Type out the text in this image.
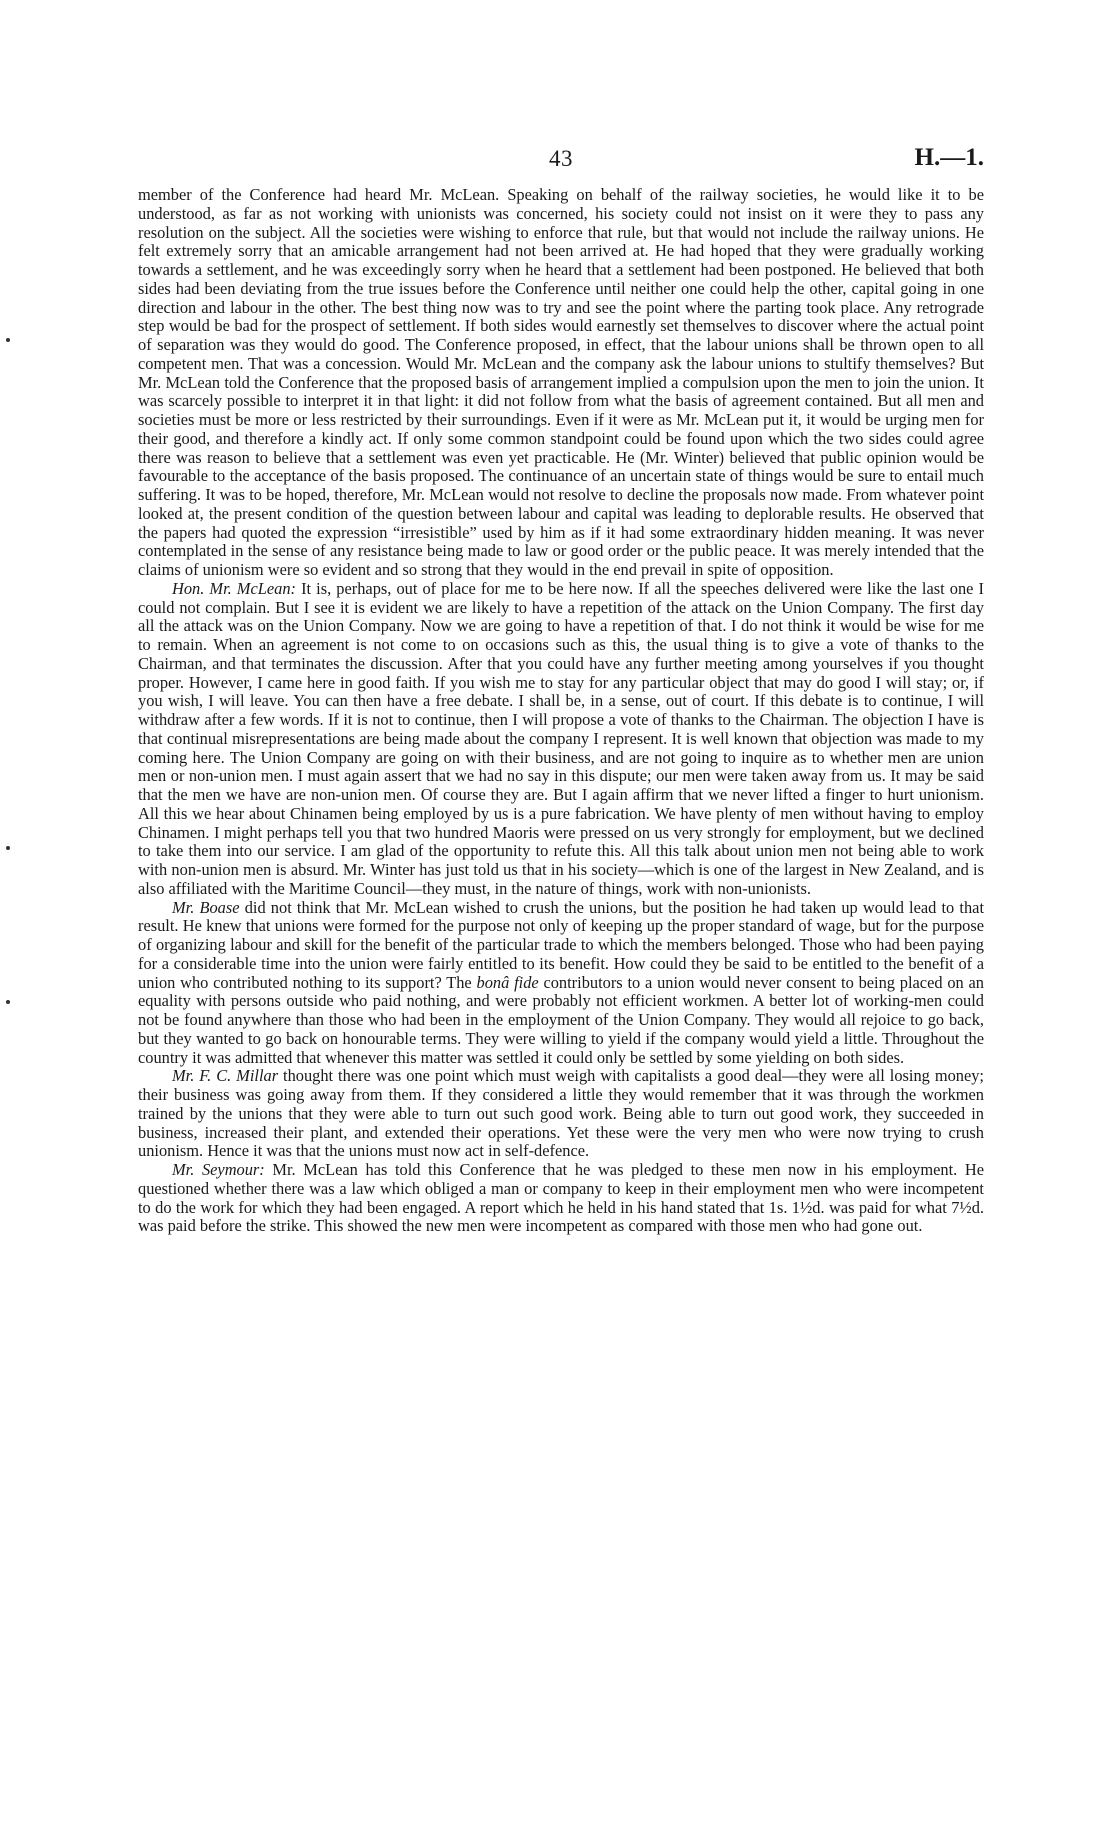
43	H.—1.

member of the Conference had heard Mr. McLean. Speaking on behalf of the railway societies, he would like it to be understood, as far as not working with unionists was concerned, his society could not insist on it were they to pass any resolution on the subject. All the societies were wishing to enforce that rule, but that would not include the railway unions. He felt extremely sorry that an amicable arrangement had not been arrived at. He had hoped that they were gradually working towards a settlement, and he was exceedingly sorry when he heard that a settlement had been postponed. He believed that both sides had been deviating from the true issues before the Conference until neither one could help the other, capital going in one direction and labour in the other. The best thing now was to try and see the point where the parting took place. Any retrograde step would be bad for the prospect of settlement. If both sides would earnestly set themselves to discover where the actual point of separation was they would do good. The Conference proposed, in effect, that the labour unions shall be thrown open to all competent men. That was a concession. Would Mr. McLean and the company ask the labour unions to stultify themselves? But Mr. McLean told the Conference that the proposed basis of arrangement implied a compulsion upon the men to join the union. It was scarcely possible to interpret it in that light: it did not follow from what the basis of agreement contained. But all men and societies must be more or less restricted by their surroundings. Even if it were as Mr. McLean put it, it would be urging men for their good, and therefore a kindly act. If only some common standpoint could be found upon which the two sides could agree there was reason to believe that a settlement was even yet practicable. He (Mr. Winter) believed that public opinion would be favourable to the acceptance of the basis proposed. The continuance of an uncertain state of things would be sure to entail much suffering. It was to be hoped, therefore, Mr. McLean would not resolve to decline the proposals now made. From whatever point looked at, the present condition of the question between labour and capital was leading to deplorable results. He observed that the papers had quoted the expression “irresistible” used by him as if it had some extraordinary hidden meaning. It was never contemplated in the sense of any resistance being made to law or good order or the public peace. It was merely intended that the claims of unionism were so evident and so strong that they would in the end prevail in spite of opposition.

Hon. Mr. McLean: It is, perhaps, out of place for me to be here now. If all the speeches delivered were like the last one I could not complain. But I see it is evident we are likely to have a repetition of the attack on the Union Company. The first day all the attack was on the Union Company. Now we are going to have a repetition of that. I do not think it would be wise for me to remain. When an agreement is not come to on occasions such as this, the usual thing is to give a vote of thanks to the Chairman, and that terminates the discussion. After that you could have any further meeting among yourselves if you thought proper. However, I came here in good faith. If you wish me to stay for any particular object that may do good I will stay; or, if you wish, I will leave. You can then have a free debate. I shall be, in a sense, out of court. If this debate is to continue, I will withdraw after a few words. If it is not to continue, then I will propose a vote of thanks to the Chairman. The objection I have is that continual misrepresentations are being made about the company I represent. It is well known that objection was made to my coming here. The Union Company are going on with their business, and are not going to inquire as to whether men are union men or non-union men. I must again assert that we had no say in this dispute; our men were taken away from us. It may be said that the men we have are non-union men. Of course they are. But I again affirm that we never lifted a finger to hurt unionism. All this we hear about Chinamen being employed by us is a pure fabrication. We have plenty of men without having to employ Chinamen. I might perhaps tell you that two hundred Maoris were pressed on us very strongly for employment, but we declined to take them into our service. I am glad of the opportunity to refute this. All this talk about union men not being able to work with non-union men is absurd. Mr. Winter has just told us that in his society—which is one of the largest in New Zealand, and is also affiliated with the Maritime Council—they must, in the nature of things, work with non-unionists.

Mr. Boase did not think that Mr. McLean wished to crush the unions, but the position he had taken up would lead to that result. He knew that unions were formed for the purpose not only of keeping up the proper standard of wage, but for the purpose of organizing labour and skill for the benefit of the particular trade to which the members belonged. Those who had been paying for a considerable time into the union were fairly entitled to its benefit. How could they be said to be entitled to the benefit of a union who contributed nothing to its support? The bonâ fide contributors to a union would never consent to being placed on an equality with persons outside who paid nothing, and were probably not efficient workmen. A better lot of working-men could not be found anywhere than those who had been in the employment of the Union Company. They would all rejoice to go back, but they wanted to go back on honourable terms. They were willing to yield if the company would yield a little. Throughout the country it was admitted that whenever this matter was settled it could only be settled by some yielding on both sides.

Mr. F. C. Millar thought there was one point which must weigh with capitalists a good deal—they were all losing money; their business was going away from them. If they considered a little they would remember that it was through the workmen trained by the unions that they were able to turn out such good work. Being able to turn out good work, they succeeded in business, increased their plant, and extended their operations. Yet these were the very men who were now trying to crush unionism. Hence it was that the unions must now act in self-defence.

Mr. Seymour: Mr. McLean has told this Conference that he was pledged to these men now in his employment. He questioned whether there was a law which obliged a man or company to keep in their employment men who were incompetent to do the work for which they had been engaged. A report which he held in his hand stated that 1s. 1½d. was paid for what 7½d. was paid before the strike. This showed the new men were incompetent as compared with those men who had gone out.
